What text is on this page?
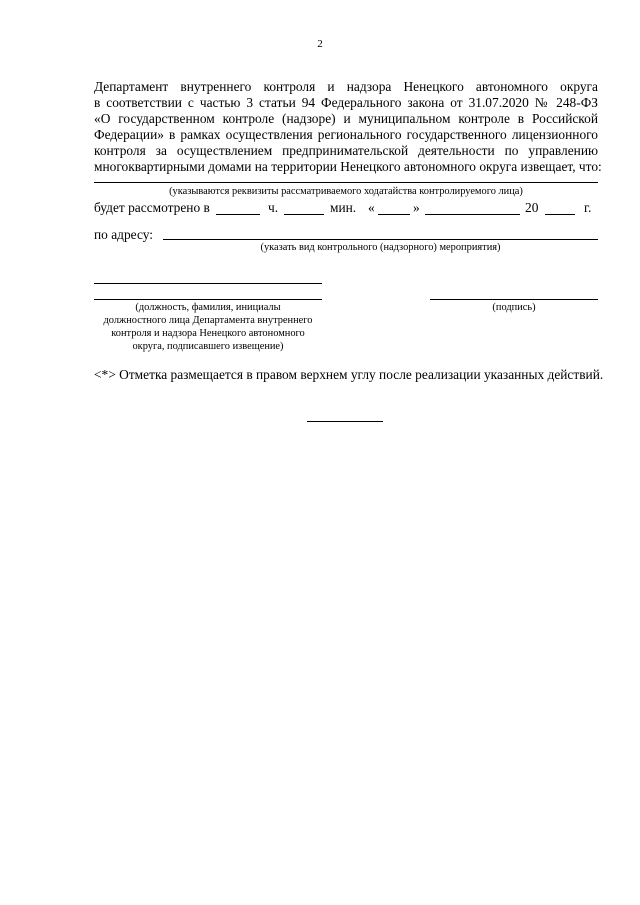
2
Департамент внутреннего контроля и надзора Ненецкого автономного округа
в соответствии с частью 3 статьи 94 Федерального закона от 31.07.2020 № 248-ФЗ
«О государственном контроле (надзоре) и муниципальном контроле в Российской
Федерации» в рамках осуществления регионального государственного лицензионного
контроля за осуществлением предпринимательской деятельности по управлению
многоквартирными домами на территории Ненецкого автономного округа извещает, что:
(указываются реквизиты рассматриваемого ходатайства контролируемого лица)
будет рассмотрено в	ч.	мин. «	»	20	г.
по адресу:
(указать вид контрольного (надзорного) мероприятия)
(должность, фамилия, инициалы
должностного лица Департамента внутреннего
контроля и надзора Ненецкого автономного
округа, подписавшего извещение)
(подпись)
<*> Отметка размещается в правом верхнем углу после реализации указанных действий.
